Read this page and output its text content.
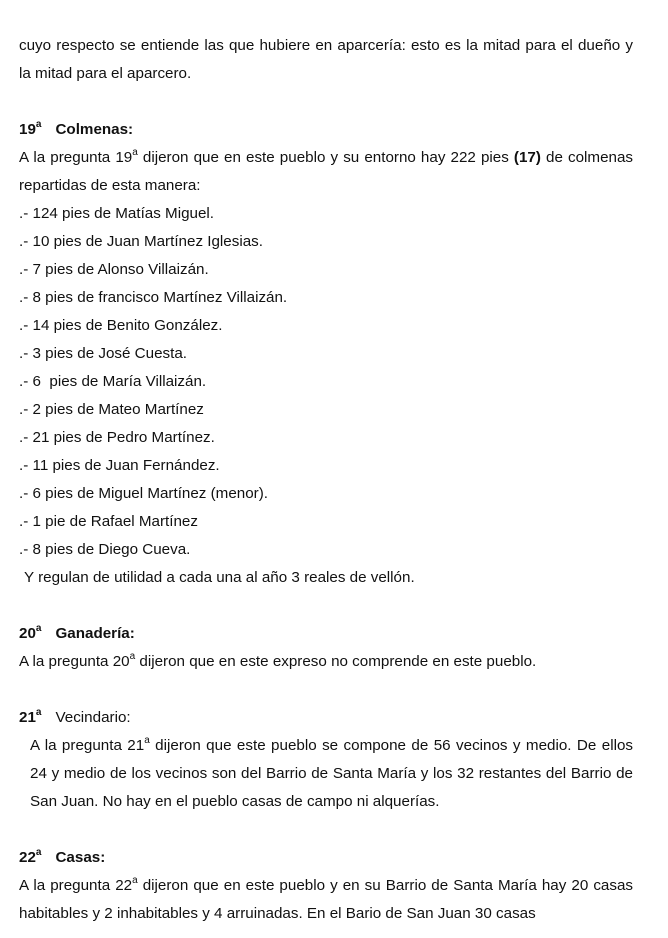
cuyo respecto se entiende las que hubiere en aparcería: esto es la mitad para el dueño y la mitad para el aparcero.

19$^a$ Colmenas:

A la pregunta 19$^a$ dijeron que en este pueblo y su entorno hay 222 pies (17) de colmenas repartidas de esta manera:

.- 124 pies de Matías Miguel.

.- 10 pies de Juan Martínez Iglesias.

.- 7 pies de Alonso Villaizán.

.- 8 pies de francisco Martínez Villaizán.

.- 14 pies de Benito González.

.- 3 pies de José Cuesta.

.- 6  pies de María Villaizán.

.- 2 pies de Mateo Martínez

.- 21 pies de Pedro Martínez.

.- 11 pies de Juan Fernández.

.- 6 pies de Miguel Martínez (menor).

.- 1 pie de Rafael Martínez

.- 8 pies de Diego Cueva.

Y regulan de utilidad a cada una al año 3 reales de vellón.

20$^a$ Ganadería:

A la pregunta 20$^a$ dijeron que en este expreso no comprende en este pueblo.

21$^a$ Vecindario:

A la pregunta 21$^a$ dijeron que este pueblo se compone de 56 vecinos y medio. De ellos 24 y medio de los vecinos son del Barrio de Santa María y los 32 restantes del Barrio de San Juan. No hay en el pueblo casas de campo ni alquerías.

22$^a$ Casas:

A la pregunta 22$^a$ dijeron que en este pueblo y en su Barrio de Santa María hay 20 casas habitables y 2 inhabitables y 4 arruinadas. En el Bario de San Juan 30 casas
